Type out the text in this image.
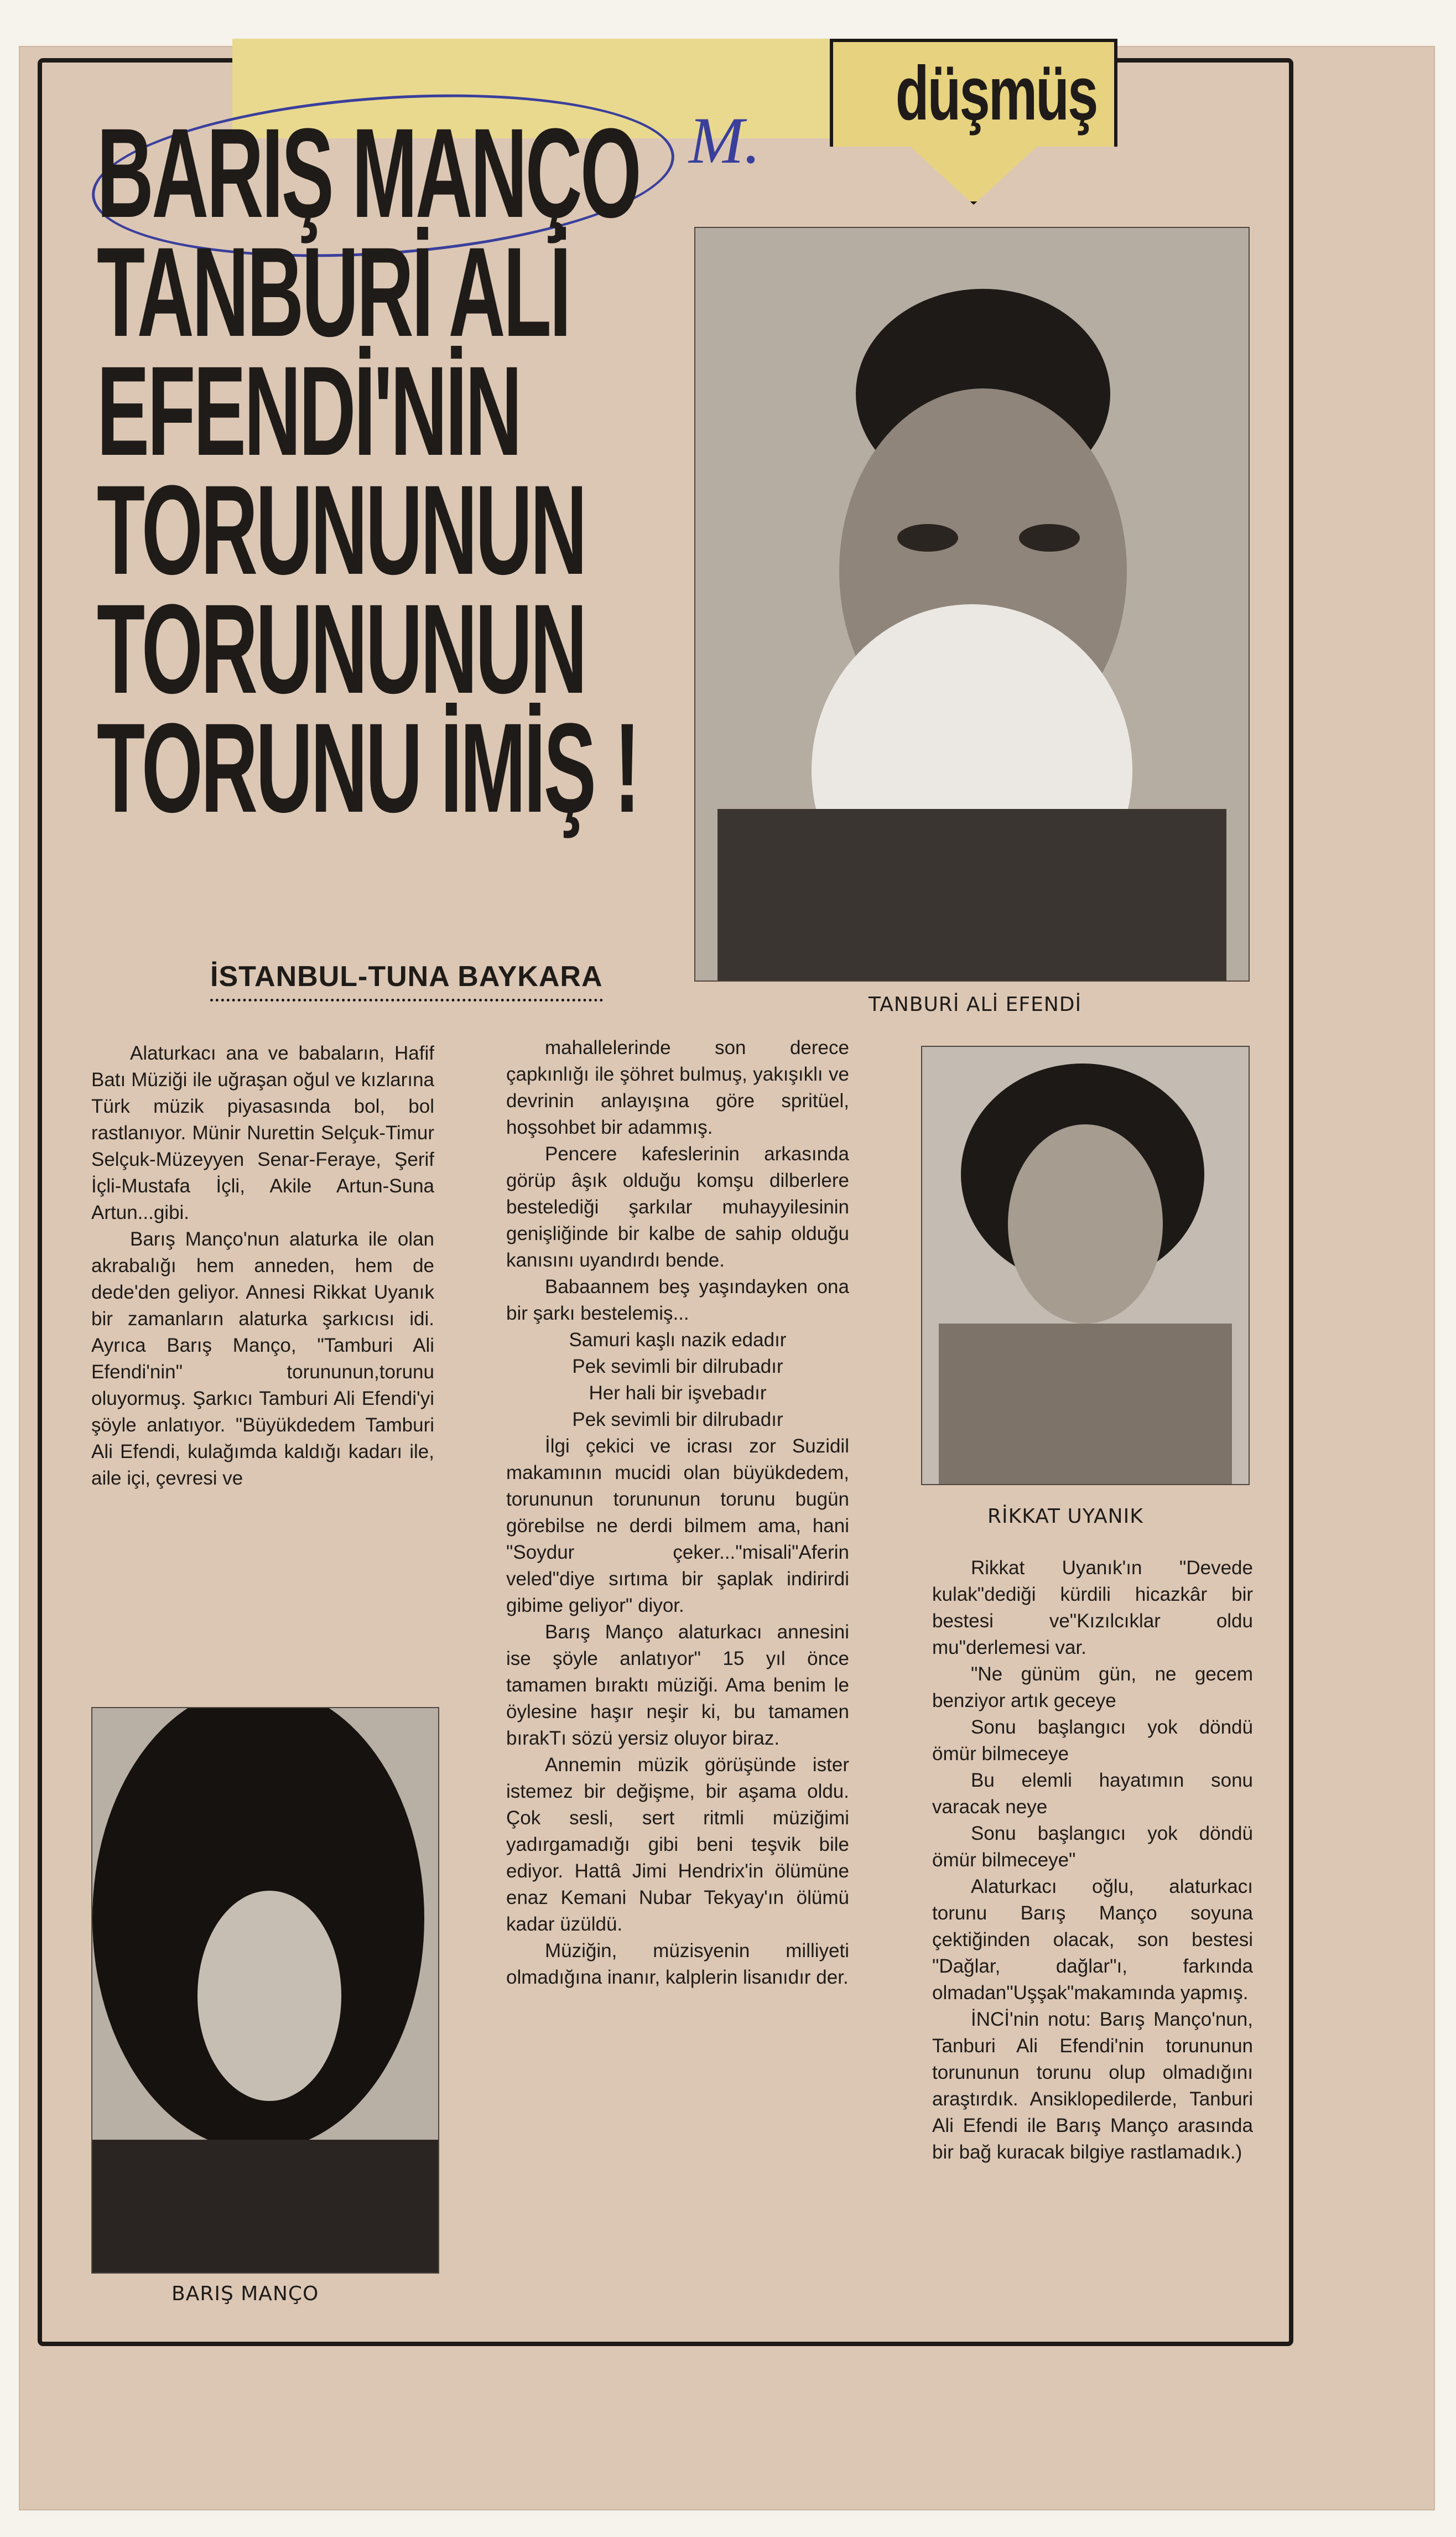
düşmüş
M.
BARIŞ MANÇO
TANBURİ ALİ
EFENDİ'NİN
TORUNUNUN
TORUNUNUN
TORUNU İMİŞ !
TANBURİ ALİ EFENDİ
RİKKAT UYANIK
BARIŞ MANÇO
İSTANBUL-TUNA BAYKARA

Alaturkacı ana ve babaların, Hafif Batı Müziği ile uğraşan oğul ve kızlarına Türk müzik piyasasında bol, bol rastlanıyor. Münir Nurettin Selçuk-Timur Selçuk-Müzeyyen Senar-Feraye, Şerif İçli-Mustafa İçli, Akile Artun-Suna Artun...gibi.

Barış Manço'nun alaturka ile olan akrabalığı hem anneden, hem de dede'den geliyor. Annesi Rikkat Uyanık bir zamanların alaturka şarkıcısı idi. Ayrıca Barış Manço, "Tamburi Ali Efendi'nin" torununun,torunu oluyormuş. Şarkıcı Tamburi Ali Efendi'yi şöyle anlatıyor. "Büyükdedem Tamburi Ali Efendi, kulağımda kaldığı kadarı ile, aile içi, çevresi ve

mahallelerinde son derece çapkınlığı ile şöhret bulmuş, yakışıklı ve devrinin anlayışına göre spritüel, hoşsohbet bir adammış.

Pencere kafeslerinin arkasında görüp âşık olduğu komşu dilberlere bestelediği şarkılar muhayyilesinin genişliğinde bir kalbe de sahip olduğu kanısını uyandırdı bende.

Babaannem beş yaşındayken ona bir şarkı bestelemiş...

Samuri kaşlı nazik edadır

Pek sevimli bir dilrubadır

Her hali bir işvebadır

Pek sevimli bir dilrubadır

İlgi çekici ve icrası zor Suzidil makamının mucidi olan büyükdedem, torununun torununun torunu bugün görebilse ne derdi bilmem ama, hani "Soydur çeker..."misali"Aferin veled"diye sırtıma bir şaplak indirirdi gibime geliyor" diyor.

Barış Manço alaturkacı annesini ise şöyle anlatıyor" 15 yıl önce tamamen bıraktı müziği. Ama benim le öylesine haşır neşir ki, bu tamamen bırakTı sözü yersiz oluyor biraz.

Annemin müzik görüşünde ister istemez bir değişme, bir aşama oldu. Çok sesli, sert ritmli müziğimi yadırgamadığı gibi beni teşvik bile ediyor. Hattâ Jimi Hendrix'in ölümüne enaz Kemani Nubar Tekyay'ın ölümü kadar üzüldü.

Müziğin, müzisyenin milliyeti olmadığına inanır, kalplerin lisanıdır der.

Rikkat Uyanık'ın "Devede kulak"dediği kürdili hicazkâr bir bestesi ve"Kızılcıklar oldu mu"derlemesi var.

"Ne günüm gün, ne gecem benziyor artık geceye

Sonu başlangıcı yok döndü ömür bilmeceye

Bu elemli hayatımın sonu varacak neye

Sonu başlangıcı yok döndü ömür bilmeceye"

Alaturkacı oğlu, alaturkacı torunu Barış Manço soyuna çektiğinden olacak, son bestesi "Dağlar, dağlar"ı, farkında olmadan"Uşşak"makamında yapmış.

İNCİ'nin notu: Barış Manço'nun, Tanburi Ali Efendi'nin torununun torununun torunu olup olmadığını araştırdık. Ansiklopedilerde, Tanburi Ali Efendi ile Barış Manço arasında bir bağ kuracak bilgiye rastlamadık.)
